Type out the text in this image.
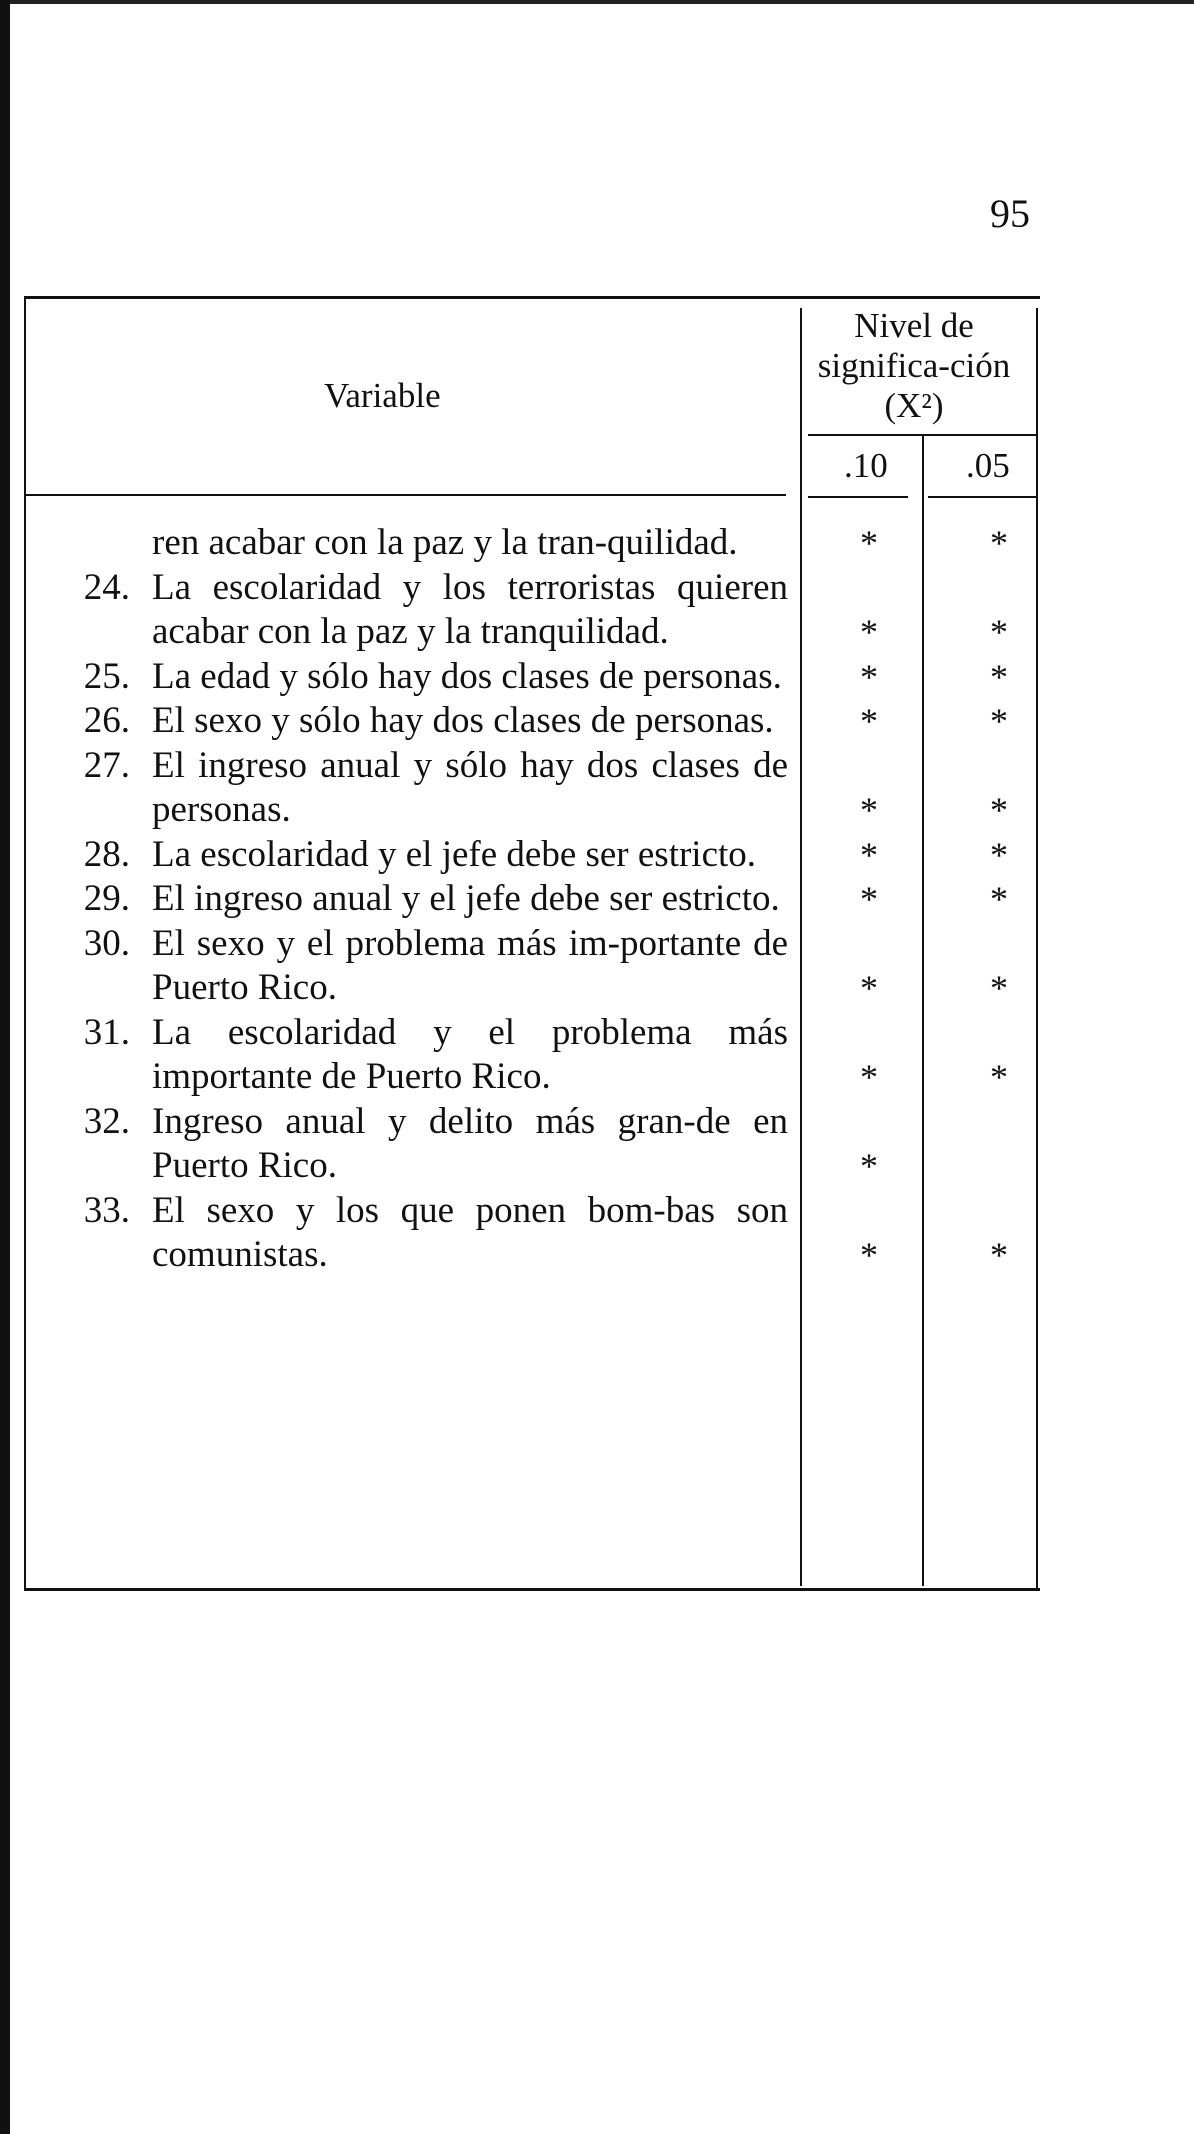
95
Variable
Nivel de significa-ción (X²)
.10 .05
ren acabar con la paz y la tran-quilidad.	*	*
24. La escolaridad y los terroristas quieren acabar con la paz y la tranquilidad.	*	*
25. La edad y sólo hay dos clases de personas.	*	*
26. El sexo y sólo hay dos clases de personas.	*	*
27. El ingreso anual y sólo hay dos clases de personas.	*	*
28. La escolaridad y el jefe debe ser estricto.	*	*
29. El ingreso anual y el jefe debe ser estricto.	*	*
30. El sexo y el problema más im-portante de Puerto Rico.	*	*
31. La escolaridad y el problema más importante de Puerto Rico.	*	*
32. Ingreso anual y delito más gran-de en Puerto Rico.	*
33. El sexo y los que ponen bom-bas son comunistas.	*	*
